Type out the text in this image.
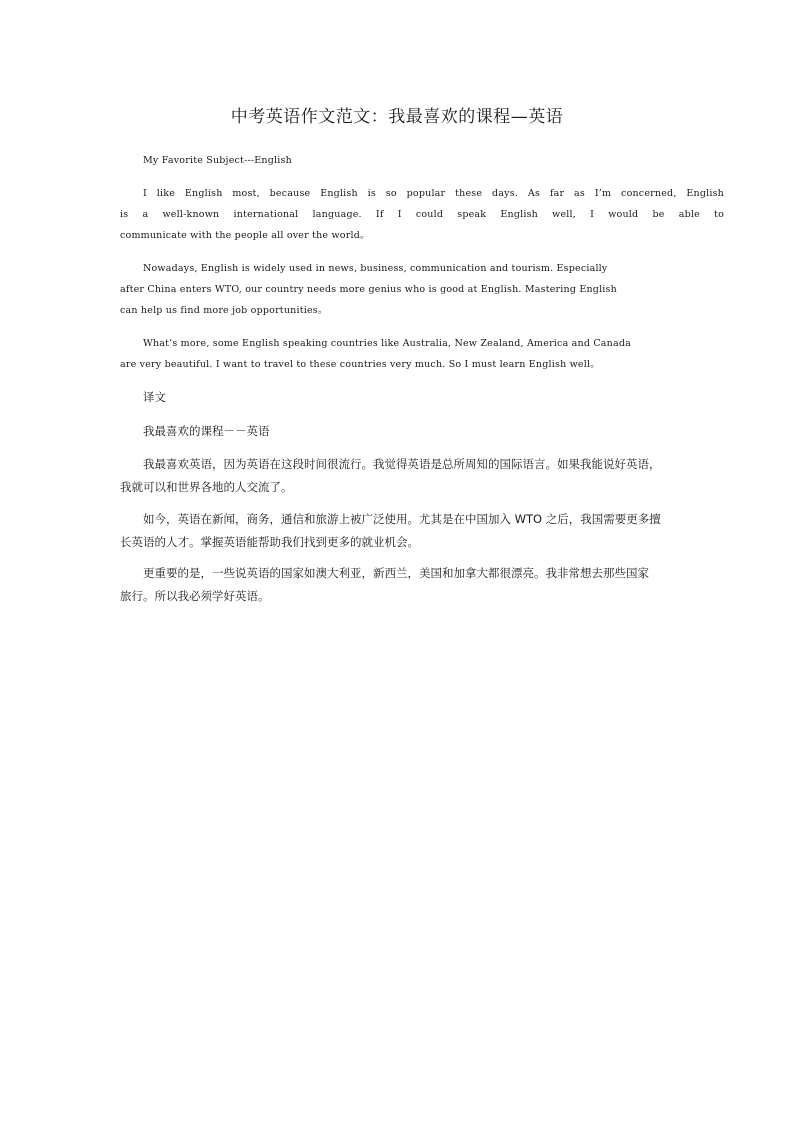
中考英语作文范文：我最喜欢的课程—英语
My Favorite Subject---English
I like English most, because English is so popular these days. As far as I’m concerned, English
is a well-known international language. If I could speak English well, I would be able to
communicate with the people all over the world。
Nowadays, English is widely used in news, business, communication and tourism. Especially
after China enters WTO, our country needs more genius who is good at English. Mastering English
can help us find more job opportunities。
What’s more, some English speaking countries like Australia, New Zealand, America and Canada
are very beautiful. I want to travel to these countries very much. So I must learn English well。
译文
我最喜欢的课程－－英语
我最喜欢英语，因为英语在这段时间很流行。我觉得英语是总所周知的国际语言。如果我能说好英语，
我就可以和世界各地的人交流了。
如今，英语在新闻，商务，通信和旅游上被广泛使用。尤其是在中国加入 WTO 之后，我国需要更多擅
长英语的人才。掌握英语能帮助我们找到更多的就业机会。
更重要的是，一些说英语的国家如澳大利亚，新西兰，美国和加拿大都很漂亮。我非常想去那些国家
旅行。所以我必须学好英语。
